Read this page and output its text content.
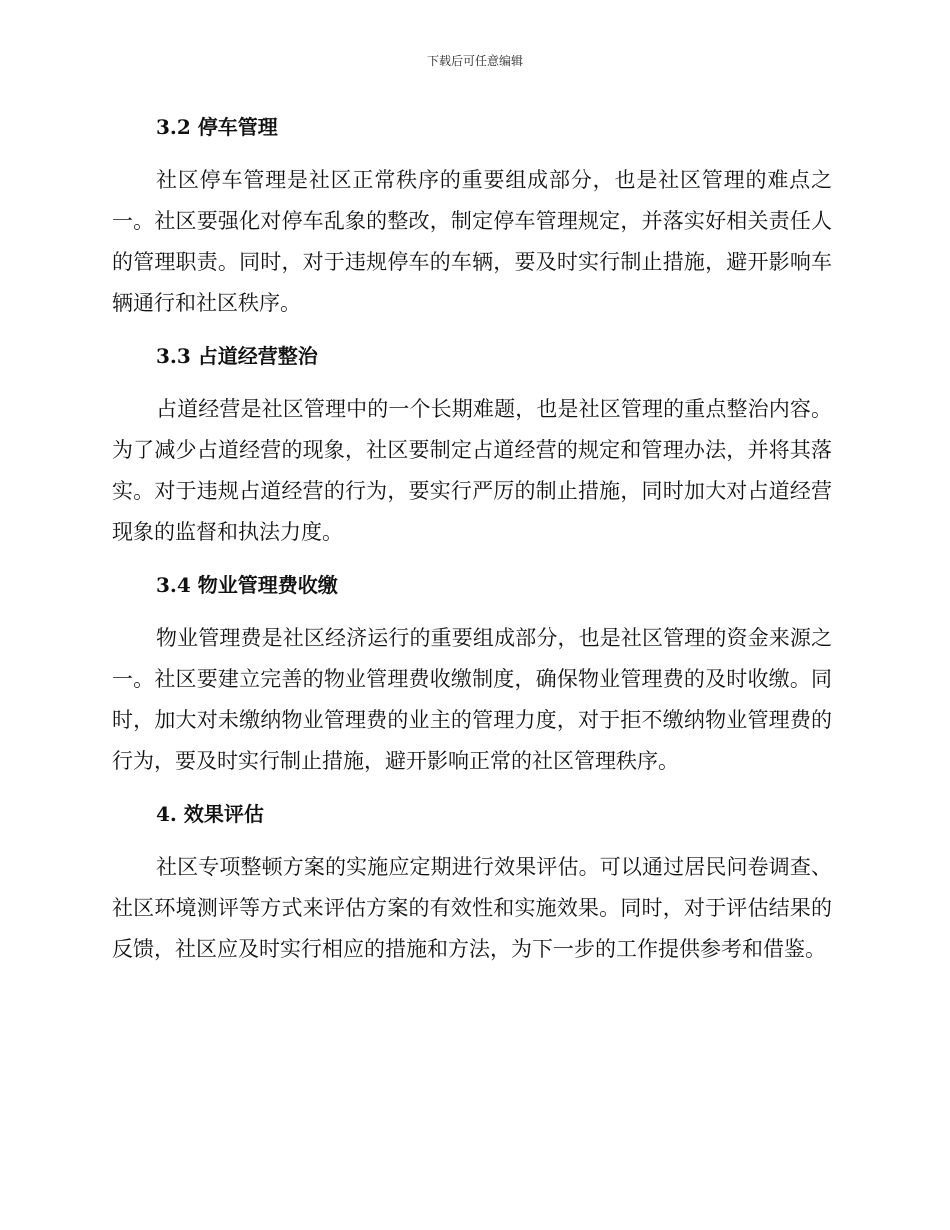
下载后可任意编辑
3.2 停车管理

社区停车管理是社区正常秩序的重要组成部分，也是社区管理的难点之一。社区要强化对停车乱象的整改，制定停车管理规定，并落实好相关责任人的管理职责。同时，对于违规停车的车辆，要及时实行制止措施，避开影响车辆通行和社区秩序。

3.3 占道经营整治

占道经营是社区管理中的一个长期难题，也是社区管理的重点整治内容。为了减少占道经营的现象，社区要制定占道经营的规定和管理办法，并将其落实。对于违规占道经营的行为，要实行严厉的制止措施，同时加大对占道经营现象的监督和执法力度。

3.4 物业管理费收缴

物业管理费是社区经济运行的重要组成部分，也是社区管理的资金来源之一。社区要建立完善的物业管理费收缴制度，确保物业管理费的及时收缴。同时，加大对未缴纳物业管理费的业主的管理力度，对于拒不缴纳物业管理费的行为，要及时实行制止措施，避开影响正常的社区管理秩序。

4. 效果评估

社区专项整顿方案的实施应定期进行效果评估。可以通过居民问卷调查、社区环境测评等方式来评估方案的有效性和实施效果。同时，对于评估结果的反馈，社区应及时实行相应的措施和方法，为下一步的工作提供参考和借鉴。
